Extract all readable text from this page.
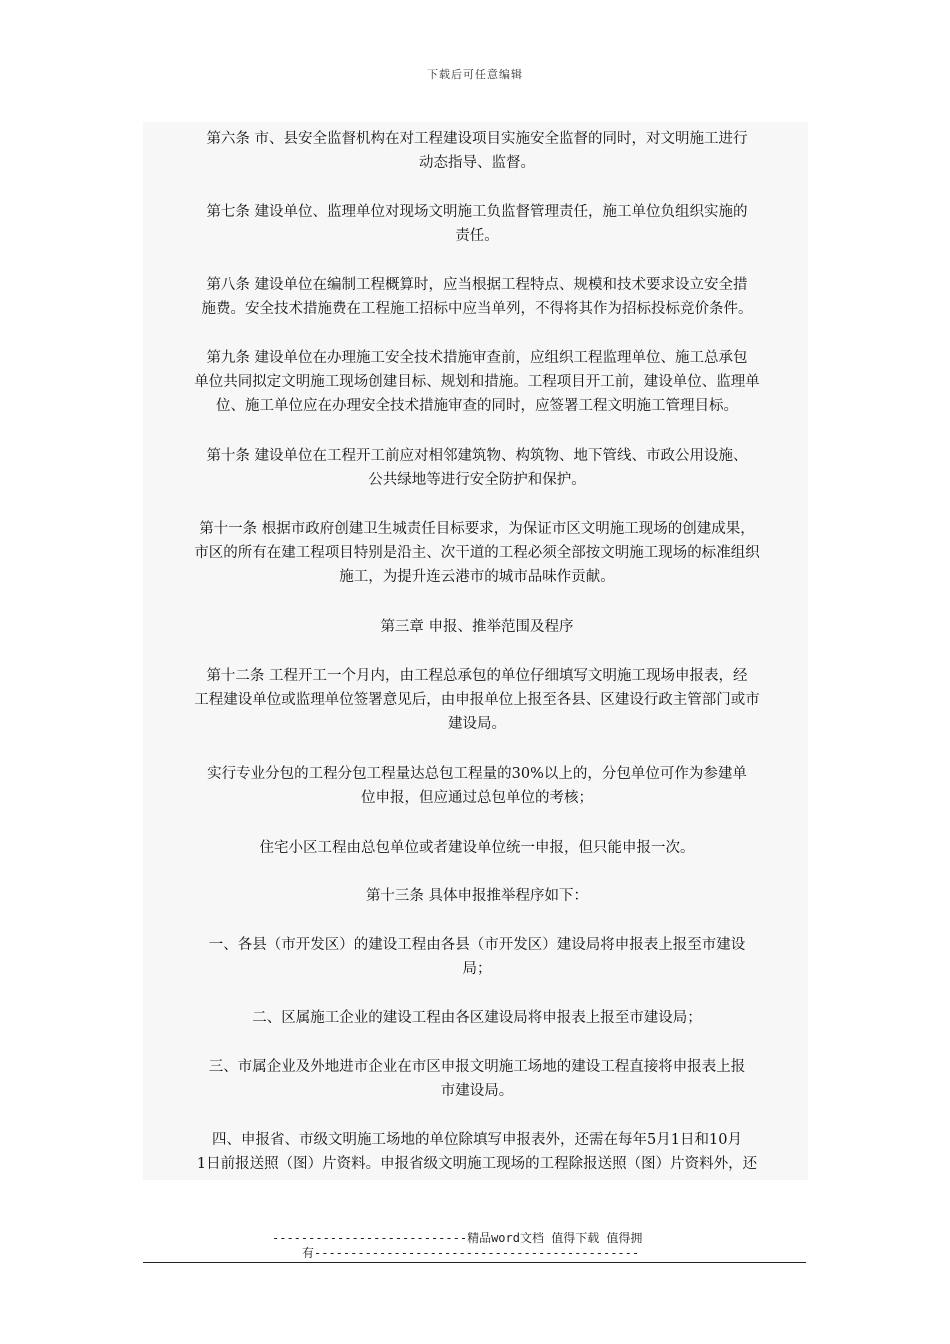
下载后可任意编辑
第六条 市、县安全监督机构在对工程建设项目实施安全监督的同时，对文明施工进行
动态指导、监督。
第七条 建设单位、监理单位对现场文明施工负监督管理责任，施工单位负组织实施的
责任。
第八条 建设单位在编制工程概算时，应当根据工程特点、规模和技术要求设立安全措
施费。安全技术措施费在工程施工招标中应当单列，不得将其作为招标投标竞价条件。
第九条 建设单位在办理施工安全技术措施审查前，应组织工程监理单位、施工总承包
单位共同拟定文明施工现场创建目标、规划和措施。工程项目开工前，建设单位、监理单
位、施工单位应在办理安全技术措施审查的同时，应签署工程文明施工管理目标。
第十条 建设单位在工程开工前应对相邻建筑物、构筑物、地下管线、市政公用设施、
公共绿地等进行安全防护和保护。
第十一条 根据市政府创建卫生城责任目标要求，为保证市区文明施工现场的创建成果，
市区的所有在建工程项目特别是沿主、次干道的工程必须全部按文明施工现场的标准组织
施工，为提升连云港市的城市品味作贡献。
第三章 申报、推举范围及程序
第十二条 工程开工一个月内，由工程总承包的单位仔细填写文明施工现场申报表，经
工程建设单位或监理单位签署意见后，由申报单位上报至各县、区建设行政主管部门或市
建设局。
实行专业分包的工程分包工程量达总包工程量的30%以上的，分包单位可作为参建单
位申报，但应通过总包单位的考核；
住宅小区工程由总包单位或者建设单位统一申报，但只能申报一次。
第十三条 具体申报推举程序如下：
一、各县（市开发区）的建设工程由各县（市开发区）建设局将申报表上报至市建设
局；
二、区属施工企业的建设工程由各区建设局将申报表上报至市建设局；
三、市属企业及外地进市企业在市区申报文明施工场地的建设工程直接将申报表上报
市建设局。
四、申报省、市级文明施工场地的单位除填写申报表外，还需在每年5月1日和10月
1日前报送照（图）片资料。申报省级文明施工现场的工程除报送照（图）片资料外，还
---------------------------精品word文档 值得下载 值得拥
有---------------------------------------------
